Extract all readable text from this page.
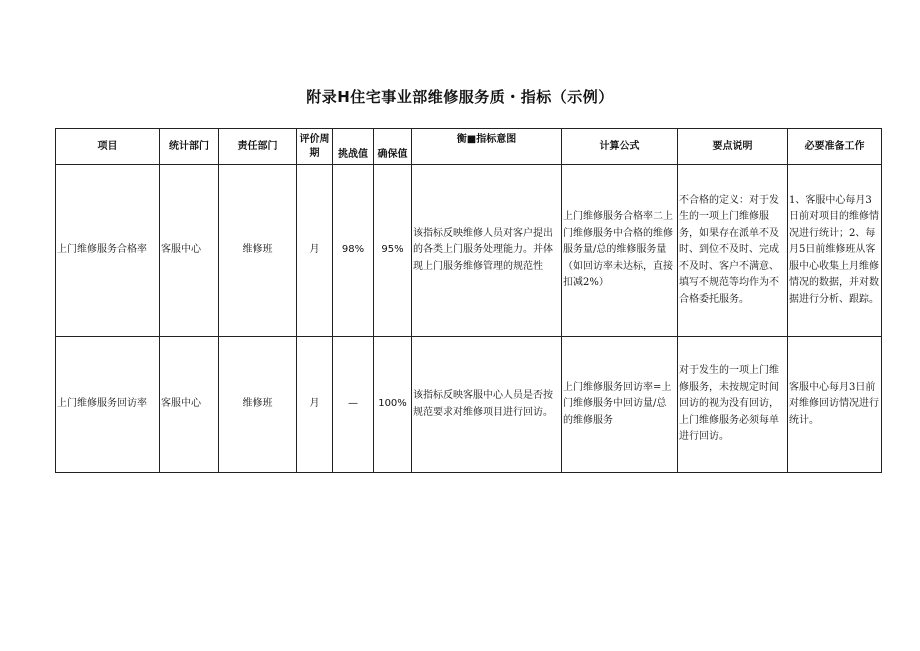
附录H住宅事业部维修服务质・指标（示例）
项目	统计部门	责任部门	评价周期	挑战值	确保值	衡■指标意图	计算公式	要点说明	必要准备工作
上门维修服务合格率	客服中心	维修班	月	98%	95%	该指标反映维修人员对客户提出的各类上门服务处理能力。并体现上门服务维修管理的规范性	上门维修服务合格率二上门维修服务中合格的维修服务量/总的维修服务量（如回访率未达标，直接扣减2%）	不合格的定义：对于发生的一项上门维修服务，如果存在派单不及时、到位不及时、完成不及时、客户不满意、填写不规范等均作为不合格委托服务。	1、客服中心每月3日前对项目的维修情况进行统计；2、每月5日前维修班从客服中心收集上月维修情况的数据，并对数据进行分析、跟踪。
上门维修服务回访率	客服中心	维修班	月	—	100%	该指标反映客服中心人员是否按规范要求对维修项目进行回访。	上门维修服务回访率=上门维修服务中回访量/总的维修服务	对于发生的一项上门维修服务，未按规定时间回访的视为没有回访，上门维修服务必须每单进行回访。	客服中心每月3日前对维修回访情况进行统计。
